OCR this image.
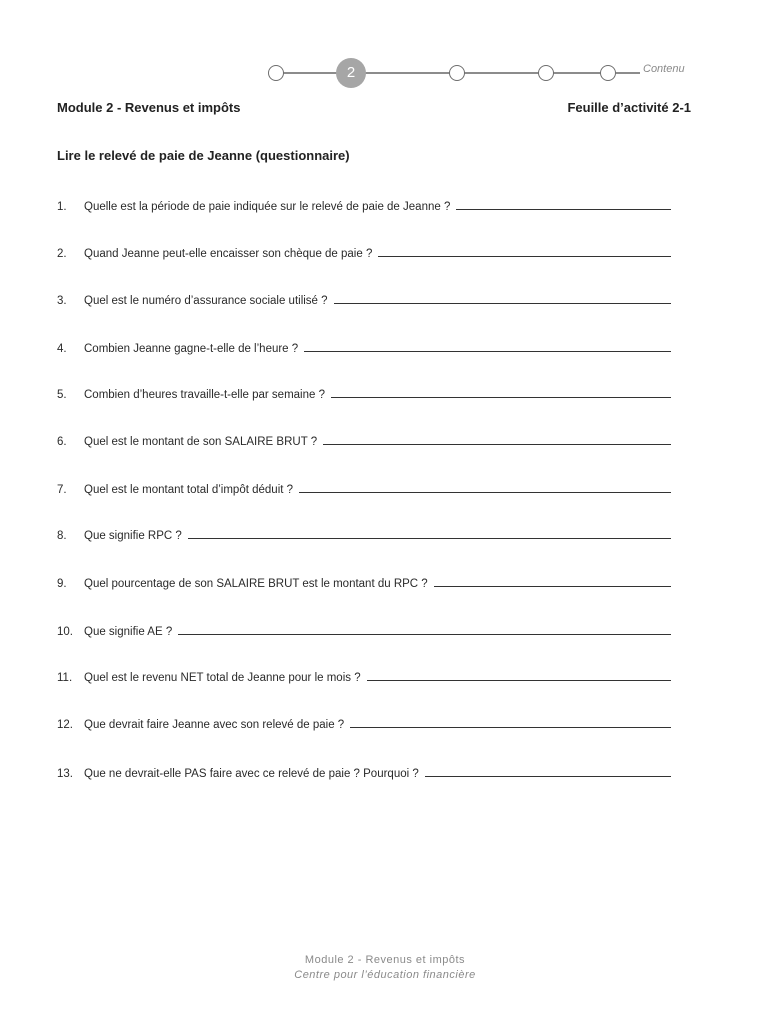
2	Contenu
Module 2 - Revenus et impôts	Feuille d’activité 2-1
Lire le relevé de paie de Jeanne (questionnaire)
1.	Quelle est la période de paie indiquée sur le relevé de paie de Jeanne ?
2.	Quand Jeanne peut-elle encaisser son chèque de paie ?
3.	Quel est le numéro d’assurance sociale utilisé ?
4.	Combien Jeanne gagne-t-elle de l’heure ?
5.	Combien d’heures travaille-t-elle par semaine ?
6.	Quel est le montant de son SALAIRE BRUT ?
7.	Quel est le montant total d’impôt déduit ?
8.	Que signifie RPC ?
9.	Quel pourcentage de son SALAIRE BRUT est le montant du RPC ?
10. Que signifie AE ?
11.	Quel est le revenu NET total de Jeanne pour le mois ?
12. Que devrait faire Jeanne avec son relevé de paie ?
13. Que ne devrait-elle PAS faire avec ce relevé de paie ? Pourquoi ?
Module 2 - Revenus et impôts
Centre pour l’éducation financière
